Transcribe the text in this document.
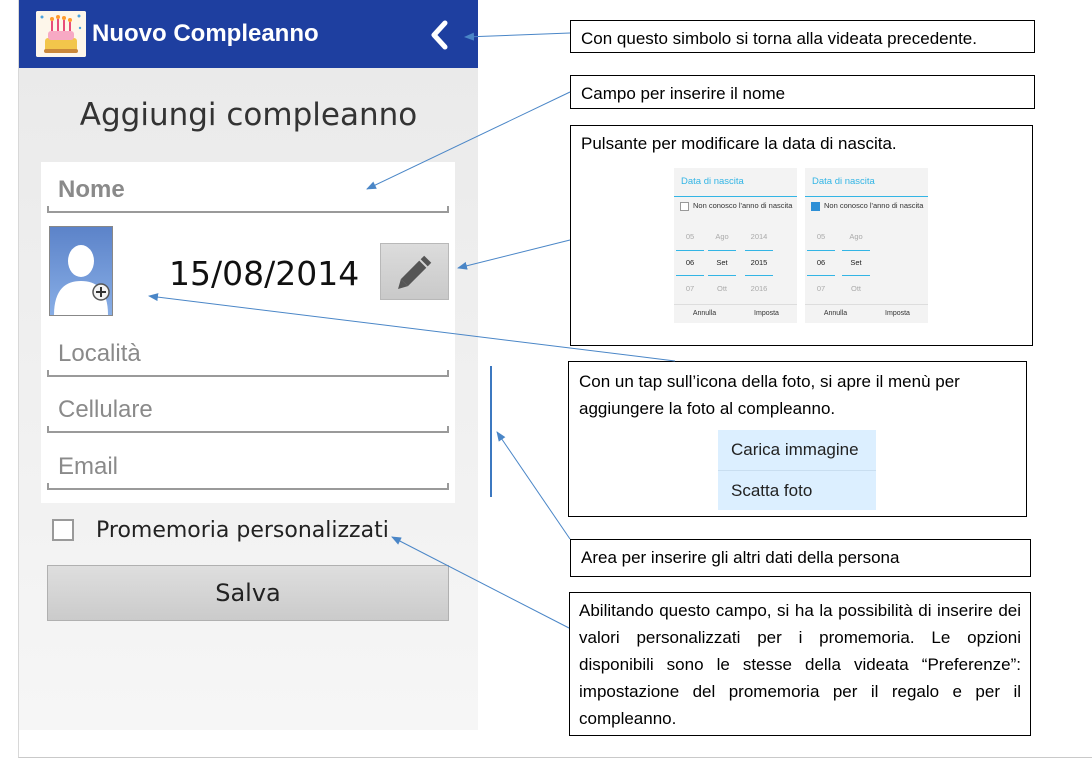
Nuovo Compleanno
Aggiungi compleanno
Nome
15/08/2014
Località
Cellulare
Email
Promemoria personalizzati
Salva
Con questo simbolo si torna alla videata precedente.
Campo per inserire il nome
Pulsante per modificare la data di nascita.
Data di nascita
Non conosco l'anno di nascita
05	Ago	2014
06	Set	2015
07	Ott	2016
Annulla	Imposta
Data di nascita
Non conosco l'anno di nascita
05	Ago
06	Set
07	Ott
Annulla	Imposta
Con un tap sull’icona della foto, si apre il menù per aggiungere la foto al compleanno.
Carica immagine
Scatta foto
Area per inserire gli altri dati della persona
Abilitando questo campo, si ha la possibilità di inserire dei valori personalizzati per i promemoria. Le opzioni disponibili sono le stesse della videata “Preferenze”: impostazione del promemoria per il regalo e per il compleanno.
